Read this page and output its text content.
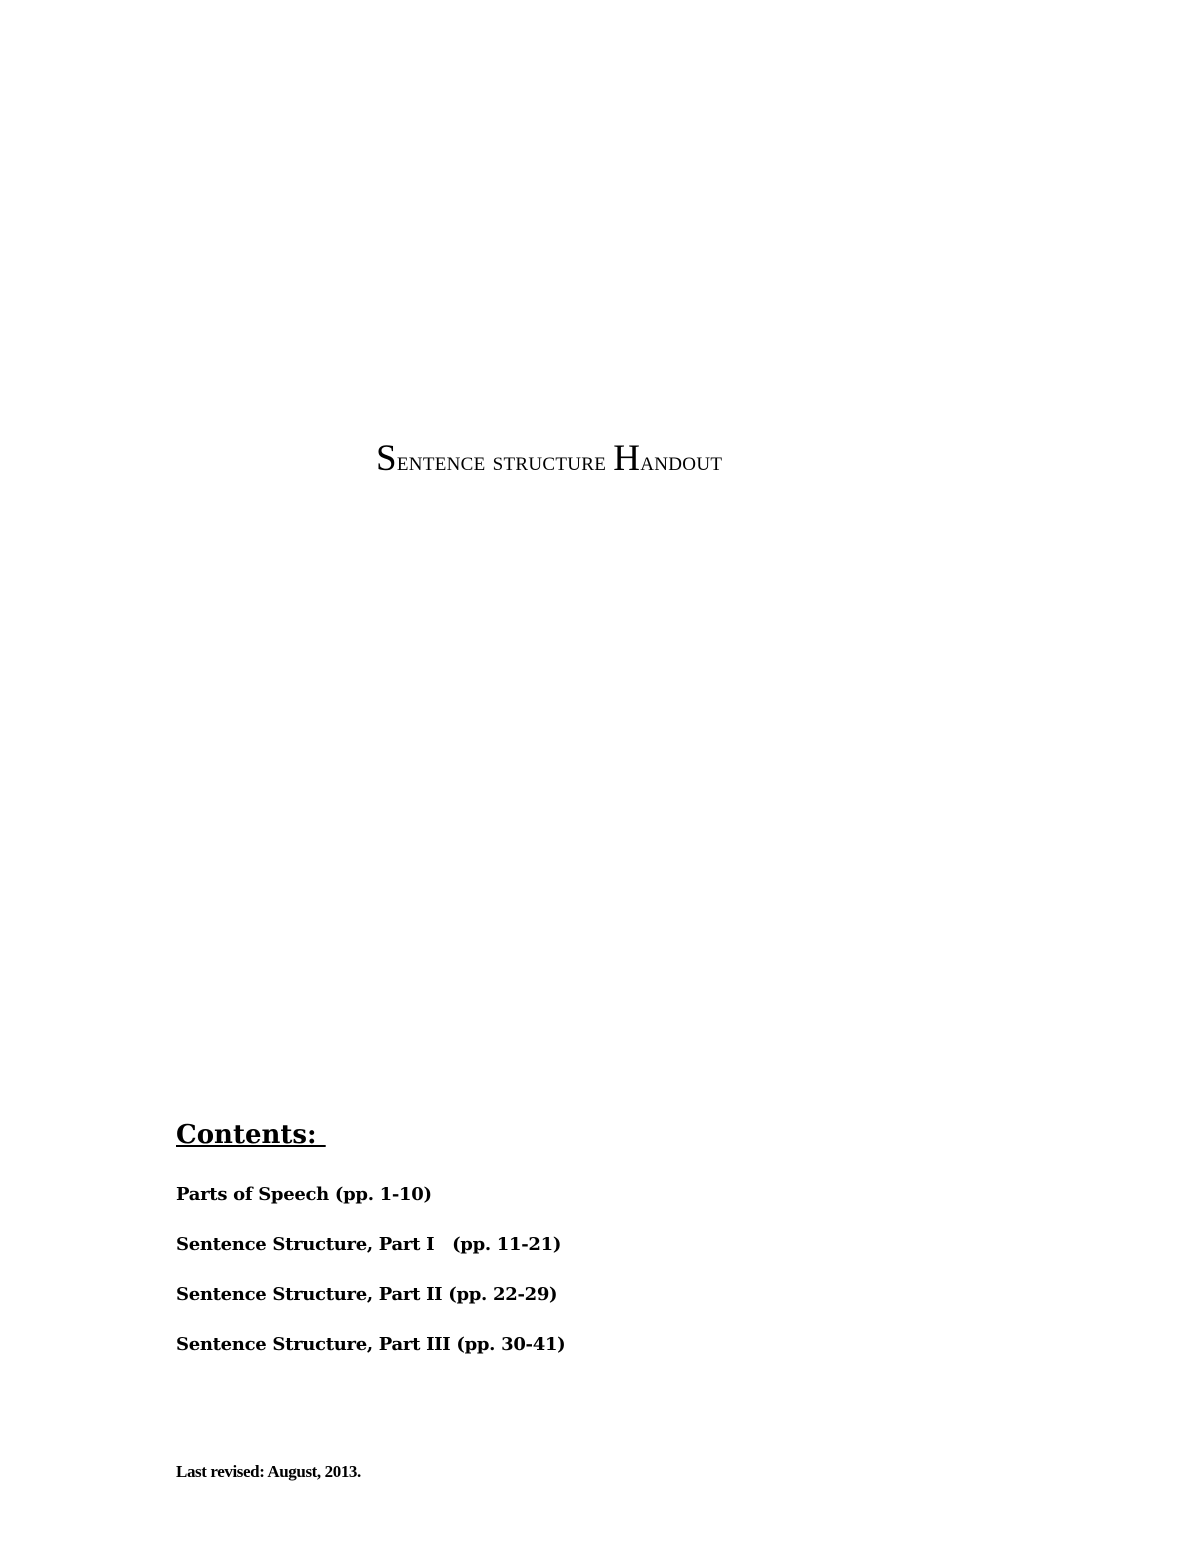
Sentence structure Handout
Contents:
Parts of Speech (pp. 1-10)
Sentence Structure, Part I   (pp. 11-21)
Sentence Structure, Part II (pp. 22-29)
Sentence Structure, Part III (pp. 30-41)
Last revised: August, 2013.
